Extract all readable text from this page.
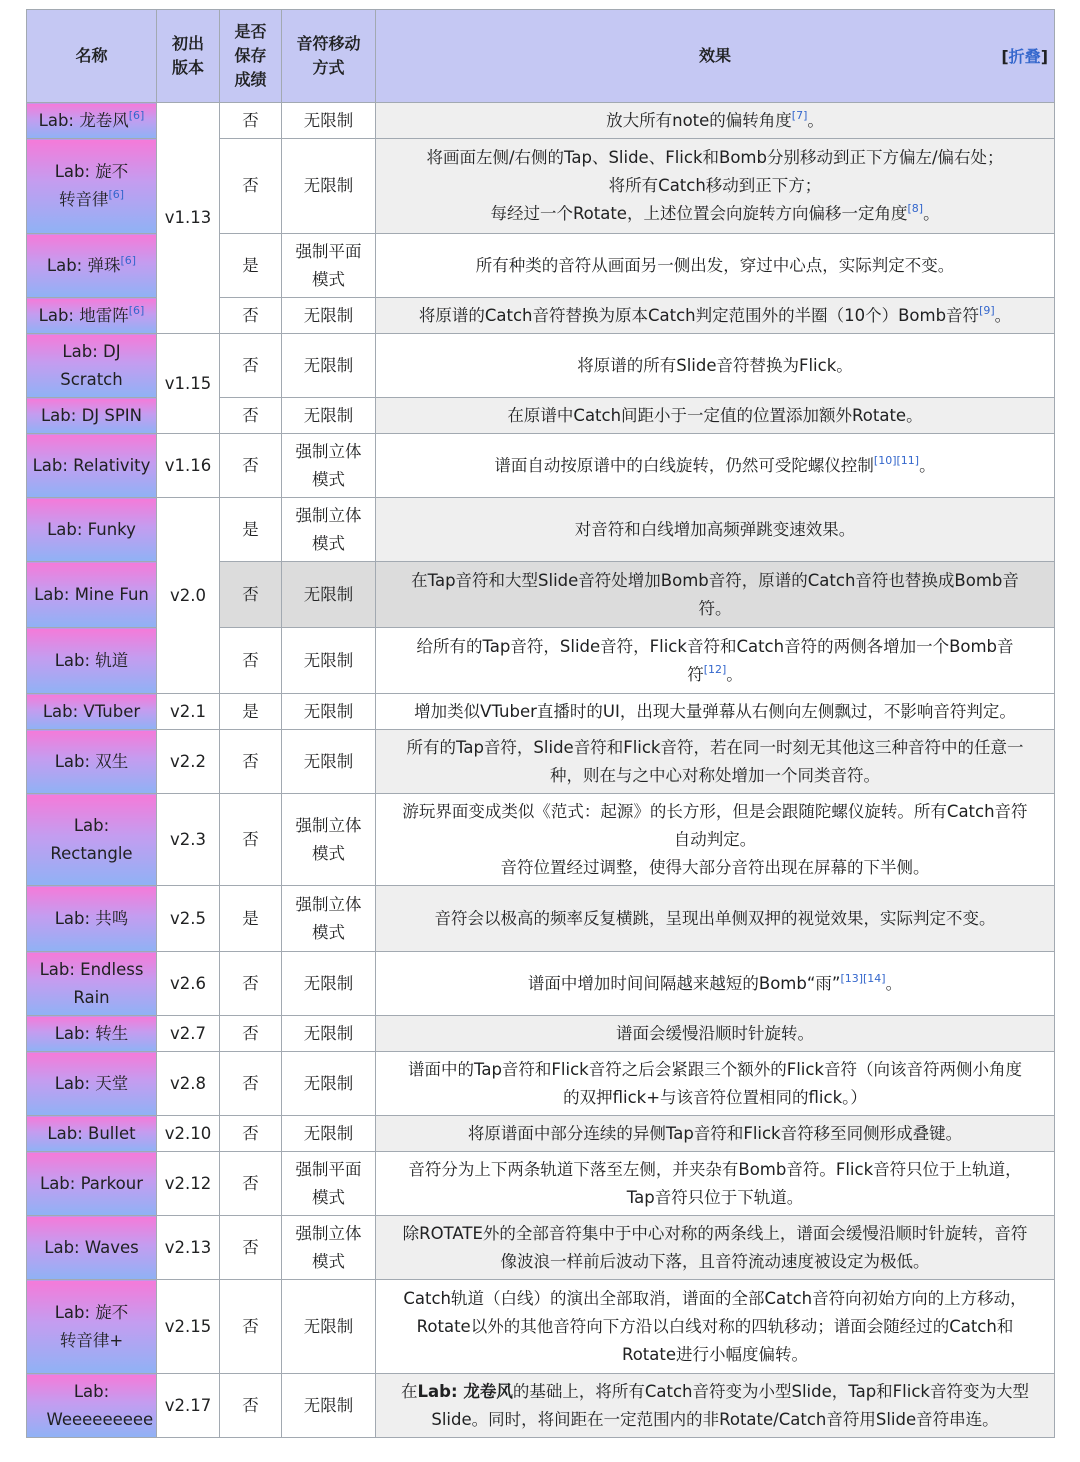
名称	初出版本	是否保存成绩	音符移动方式	效果 [折叠]

Lab: 龙卷风[6]	v1.13	否	无限制	放大所有note的偏转角度[7]。

Lab: 旋不转音律[6]		否	无限制	将画面左侧/右侧的Tap、Slide、Flick和Bomb分别移动到正下方偏左/偏右处；
将所有Catch移动到正下方；
每经过一个Rotate，上述位置会向旋转方向偏移一定角度[8]。

Lab: 弹珠[6]		是	强制平面模式	所有种类的音符从画面另一侧出发，穿过中心点，实际判定不变。

Lab: 地雷阵[6]		否	无限制	将原谱的Catch音符替换为原本Catch判定范围外的半圈（10个）Bomb音符[9]。

Lab: DJ Scratch	v1.15	否	无限制	将原谱的所有Slide音符替换为Flick。

Lab: DJ SPIN		否	无限制	在原谱中Catch间距小于一定值的位置添加额外Rotate。

Lab: Relativity	v1.16	否	强制立体模式	谱面自动按原谱中的白线旋转，仍然可受陀螺仪控制[10][11]。

Lab: Funky	v2.0	是	强制立体模式	对音符和白线增加高频弹跳变速效果。

Lab: Mine Fun		否	无限制	在Tap音符和大型Slide音符处增加Bomb音符，原谱的Catch音符也替换成Bomb音
符。

Lab: 轨道		否	无限制	给所有的Tap音符，Slide音符，Flick音符和Catch音符的两侧各增加一个Bomb音
符[12]。

Lab: VTuber	v2.1	是	无限制	增加类似VTuber直播时的UI，出现大量弹幕从右侧向左侧飘过，不影响音符判定。

Lab: 双生	v2.2	否	无限制	所有的Tap音符，Slide音符和Flick音符，若在同一时刻无其他这三种音符中的任意一
种，则在与之中心对称处增加一个同类音符。

Lab: Rectangle	v2.3	否	强制立体模式	游玩界面变成类似《范式：起源》的长方形，但是会跟随陀螺仪旋转。所有Catch音符
自动判定。
音符位置经过调整，使得大部分音符出现在屏幕的下半侧。

Lab: 共鸣	v2.5	是	强制立体模式	音符会以极高的频率反复横跳，呈现出单侧双押的视觉效果，实际判定不变。

Lab: Endless Rain	v2.6	否	无限制	谱面中增加时间间隔越来越短的Bomb“雨”[13][14]。

Lab: 转生	v2.7	否	无限制	谱面会缓慢沿顺时针旋转。

Lab: 天堂	v2.8	否	无限制	谱面中的Tap音符和Flick音符之后会紧跟三个额外的Flick音符（向该音符两侧小角度
的双押flick+与该音符位置相同的flick。）

Lab: Bullet	v2.10	否	无限制	将原谱面中部分连续的异侧Tap音符和Flick音符移至同侧形成叠键。

Lab: Parkour	v2.12	否	强制平面模式	音符分为上下两条轨道下落至左侧，并夹杂有Bomb音符。Flick音符只位于上轨道，
Tap音符只位于下轨道。

Lab: Waves	v2.13	否	强制立体模式	除ROTATE外的全部音符集中于中心对称的两条线上，谱面会缓慢沿顺时针旋转，音符
像波浪一样前后波动下落，且音符流动速度被设定为极低。

Lab: 旋不转音律+	v2.15	否	无限制	Catch轨道（白线）的演出全部取消，谱面的全部Catch音符向初始方向的上方移动，
Rotate以外的其他音符向下方沿以白线对称的四轨移动；谱面会随经过的Catch和
Rotate进行小幅度偏转。

Lab: Weeeeeeeee	v2.17	否	无限制	在Lab: 龙卷风的基础上，将所有Catch音符变为小型Slide，Tap和Flick音符变为大型
Slide。同时，将间距在一定范围内的非Rotate/Catch音符用Slide音符串连。
